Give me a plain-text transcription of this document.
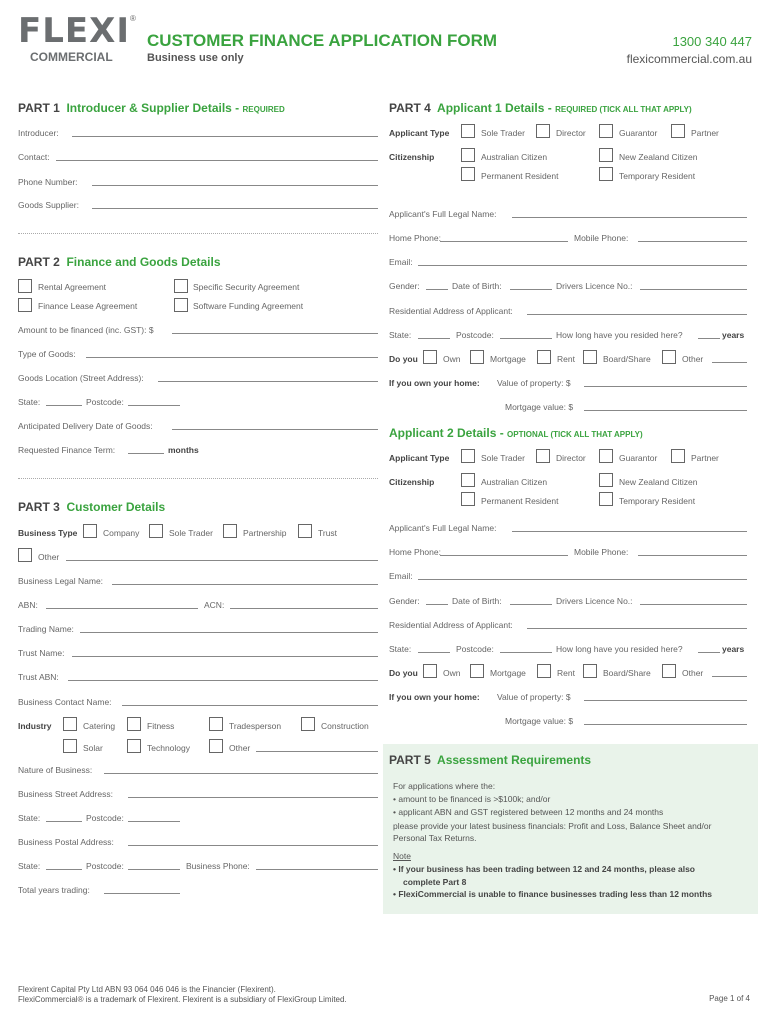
FLEXI ®
COMMERCIAL
CUSTOMER FINANCE APPLICATION FORM
Business use only
1300 340 447
flexicommercial.com.au
PART 1 Introducer & Supplier Details - REQUIRED
Introducer:
Contact:
Phone Number:
Goods Supplier:
PART 2 Finance and Goods Details
Rental Agreement	Specific Security Agreement
Finance Lease Agreement	Software Funding Agreement
Amount to be financed (inc. GST): $
Type of Goods:
Goods Location (Street Address):
State:	Postcode:
Anticipated Delivery Date of Goods:
Requested Finance Term:	months
PART 3 Customer Details
Business Type	Company	Sole Trader	Partnership	Trust
Other
Business Legal Name:
ABN:	ACN:
Trading Name:
Trust Name:
Trust ABN:
Business Contact Name:
Industry	Catering	Fitness	Tradesperson	Construction
Solar	Technology	Other
Nature of Business:
Business Street Address:
State:	Postcode:
Business Postal Address:
State:	Postcode:	Business Phone:
Total years trading:
PART 4 Applicant 1 Details - REQUIRED (TICK ALL THAT APPLY)
Applicant Type	Sole Trader	Director	Guarantor	Partner
Citizenship	Australian Citizen	New Zealand Citizen
Permanent Resident	Temporary Resident
Applicant's Full Legal Name:
Home Phone:	Mobile Phone:
Email:
Gender:	Date of Birth:	Drivers Licence No.:
Residential Address of Applicant:
State:	Postcode:	How long have you resided here?	years
Do you	Own	Mortgage	Rent	Board/Share	Other
If you own your home: Value of property: $
Mortgage value: $
Applicant 2 Details - OPTIONAL (TICK ALL THAT APPLY)
Applicant Type	Sole Trader	Director	Guarantor	Partner
Citizenship	Australian Citizen	New Zealand Citizen
Permanent Resident	Temporary Resident
Applicant's Full Legal Name:
Home Phone:	Mobile Phone:
Email:
Gender:	Date of Birth:	Drivers Licence No.:
Residential Address of Applicant:
State:	Postcode:	How long have you resided here?	years
Do you	Own	Mortgage	Rent	Board/Share	Other
If you own your home: Value of property: $
Mortgage value: $
PART 5 Assessment Requirements
For applications where the:
• amount to be financed is >$100k; and/or
• applicant ABN and GST registered between 12 months and 24 months
please provide your latest business financials: Profit and Loss, Balance Sheet and/or
Personal Tax Returns.
Note
• If your business has been trading between 12 and 24 months, please also
complete Part 8
• FlexiCommercial is unable to finance businesses trading less than 12 months
Flexirent Capital Pty Ltd ABN 93 064 046 046 is the Financier (Flexirent).
FlexiCommercial® is a trademark of Flexirent. Flexirent is a subsidiary of FlexiGroup Limited.	Page 1 of 4
